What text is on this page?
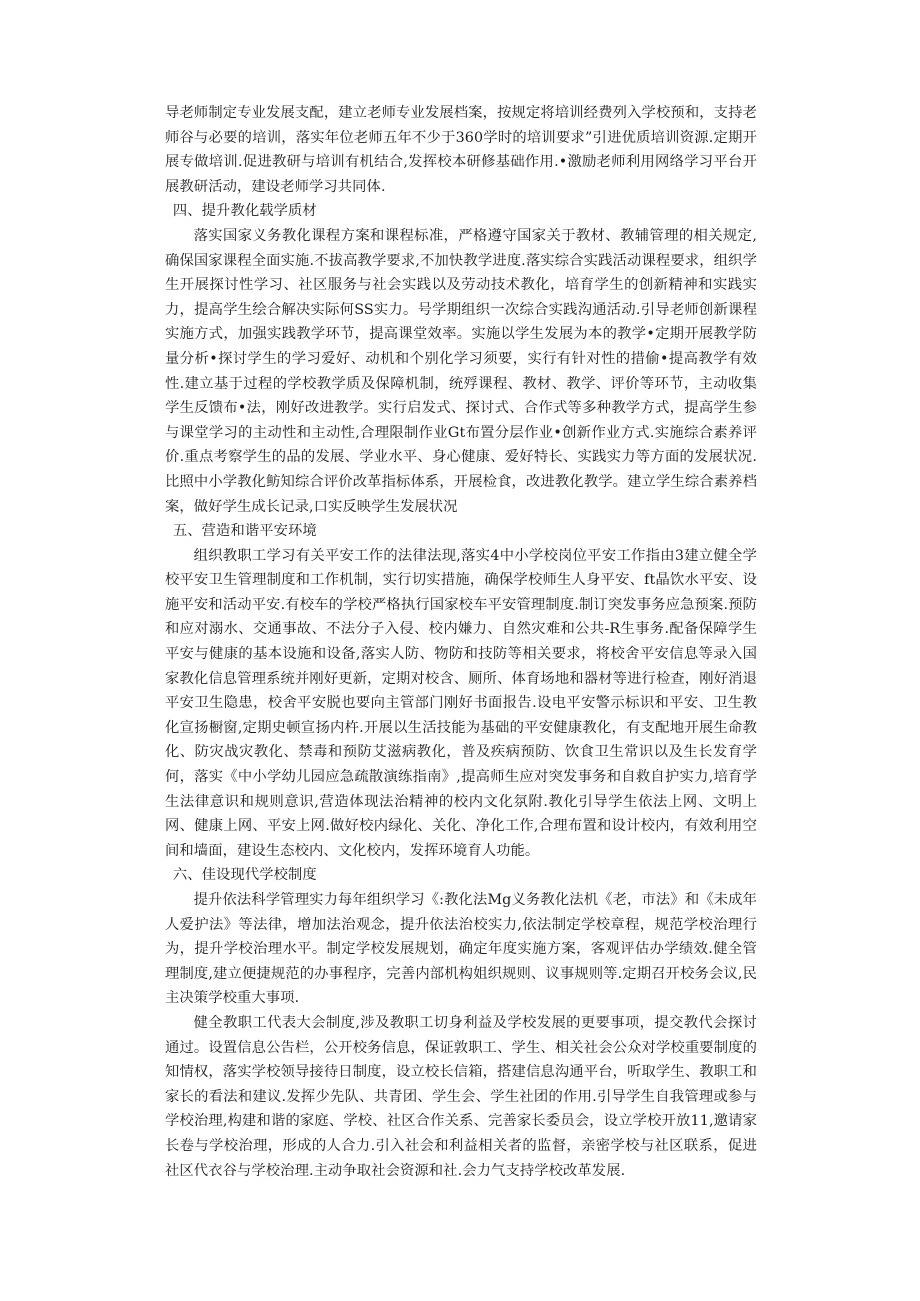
导老师制定专业发展支配，建立老师专业发展档案，按规定将培训经费列入学校预和，支持老师谷与必要的培训，落实年位老师五年不少于360学时的培训要求”引进优质培训资源.定期开展专做培训.促进教研与培训有机结合,发挥校本研修基础作用.•激励老师利用网络学习平台开展教研活动，建设老师学习共同体.

四、提升教化载学质材

落实国家义务教化课程方案和课程标准，严格遵守国家关于教材、教辅管理的相关规定,确保国家课程全面实施.不拔高教学要求,不加快教学进度.落实综合实践活动课程要求，组织学生开展探讨性学习、社区服务与社会实践以及劳动技术教化，培育学生的创新精神和实践实力，提高学生绘合解决实际何SS实力。号学期组织一次综合实践沟通活动.引导老师创新课程实施方式，加强实践教学环节，提高课堂效率。实施以学生发展为本的教学•定期开展教学防量分析•探讨学生的学习爱好、动机和个别化学习须要，实行有针对性的措偷•提高教学有效性.建立基于过程的学校教学质及保障机制，统殍课程、教材、教学、评价等环节，主动收集学生反馈布•法，刚好改进教学。实行启发式、探讨式、合作式等多种教学方式，提高学生参与课堂学习的主动性和主动性,合理限制作业Gt布置分层作业•创新作业方式.实施综合素养评价.重点考察学生的品的发展、学业水平、身心健康、爱好特长、实践实力等方面的发展状况.比照中小学教化鲂知综合评价改革指标体系，开展检食，改进教化教学。建立学生综合素养档案，做好学生成长记录,口实反映学生发展状况

五、营造和谐平安环境

组织教职工学习有关平安工作的法律法现,落实4中小学校岗位平安工作指由3建立健全学校平安卫生管理制度和工作机制，实行切实措施，确保学校师生人身平安、ft晶饮水平安、设施平安和活动平安.有校车的学校严格执行国家校车平安管理制度.制订突发事务应急预案.预防和应对溺水、交通事故、不法分子入侵、校内嫌力、自然灾难和公共-R生事务.配备保障学生平安与健康的基本设施和设备,落实人防、物防和技防等相关要求，将校舍平安信息等录入国家教化信息管理系统并刚好更新，定期对校含、厕所、体育场地和器材等进行检查，刚好消退平安卫生隐患，校舍平安脱也要向主管部门刚好书面报告.设电平安警示标识和平安、卫生教化宣扬橱窗,定期史顿宣扬内杵.开展以生活技能为基础的平安健康教化，有支配地开展生命教化、防灾战灾教化、禁毒和预防艾滋病教化，普及疾病预防、饮食卫生常识以及生长发育学何，落实《中小学幼儿园应急疏散演练指南》,提高师生应对突发事务和自救自护实力,培育学生法律意识和规则意识,营造体现法治精神的校内文化氛附.教化引导学生依法上网、文明上网、健康上网、平安上网.做好校内绿化、关化、净化工作,合理布置和设计校内，有效利用空间和墙面，建设生态校内、文化校内，发挥环境育人功能。

六、佳设现代学校制度

提升依法科学管理实力每年组织学习《:教化法Mg义务教化法机《老，市法》和《未成年人爱护法》等法律，增加法治观念，提升依法治校实力,依法制定学校章程，规范学校治理行为，提升学校治理水平。制定学校发展规划，确定年度实施方案，客观评估办学绩效.健全管理制度,建立便捷规范的办事程序，完善内部机构姐织规则、议事规则等.定期召开校务会议,民主决策学校重大事项.

健全教职工代表大会制度,涉及教职工切身利益及学校发展的更要事项，提交教代会探讨通过。设置信息公告栏，公开校务信息，保证敦职工、学生、相关社会公众对学校重要制度的知情权，落实学校领导接待日制度，设立校长信箱，搭建信息沟通平台，听取学生、教职工和家长的看法和建议.发挥少先队、共青团、学生会、学生社团的作用.引导学生自我管理或参与学校治理,构建和谐的家庭、学校、社区合作关系、完善家长委员会，设立学校开放11,邀请家长卷与学校治理，形成的人合力.引入社会和利益相关者的监督，亲密学校与社区联系，促进社区代衣谷与学校治理.主动争取社会资源和社.会力气支持学校改革发展.
